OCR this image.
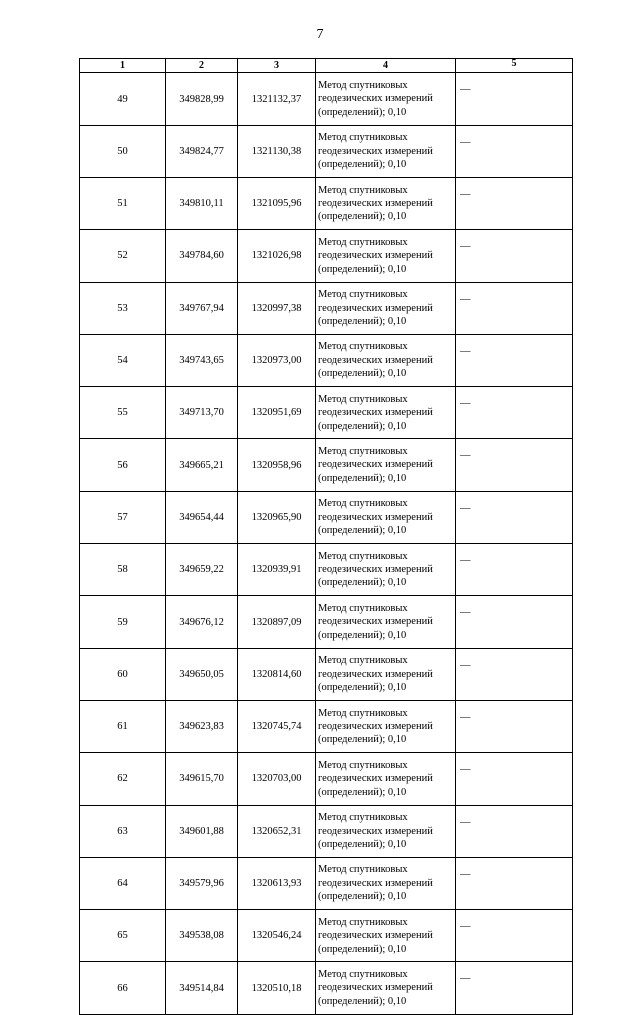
7
1	2	3	4	5
49	349828,99	1321132,37	Метод спутниковых
геодезических измерений
(определений); 0,10	—
50	349824,77	1321130,38	Метод спутниковых
геодезических измерений
(определений); 0,10	—
51	349810,11	1321095,96	Метод спутниковых
геодезических измерений
(определений); 0,10	—
52	349784,60	1321026,98	Метод спутниковых
геодезических измерений
(определений); 0,10	—
53	349767,94	1320997,38	Метод спутниковых
геодезических измерений
(определений); 0,10	—
54	349743,65	1320973,00	Метод спутниковых
геодезических измерений
(определений); 0,10	—
55	349713,70	1320951,69	Метод спутниковых
геодезических измерений
(определений); 0,10	—
56	349665,21	1320958,96	Метод спутниковых
геодезических измерений
(определений); 0,10	—
57	349654,44	1320965,90	Метод спутниковых
геодезических измерений
(определений); 0,10	—
58	349659,22	1320939,91	Метод спутниковых
геодезических измерений
(определений); 0,10	—
59	349676,12	1320897,09	Метод спутниковых
геодезических измерений
(определений); 0,10	—
60	349650,05	1320814,60	Метод спутниковых
геодезических измерений
(определений); 0,10	—
61	349623,83	1320745,74	Метод спутниковых
геодезических измерений
(определений); 0,10	—
62	349615,70	1320703,00	Метод спутниковых
геодезических измерений
(определений); 0,10	—
63	349601,88	1320652,31	Метод спутниковых
геодезических измерений
(определений); 0,10	—
64	349579,96	1320613,93	Метод спутниковых
геодезических измерений
(определений); 0,10	—
65	349538,08	1320546,24	Метод спутниковых
геодезических измерений
(определений); 0,10	—
66	349514,84	1320510,18	Метод спутниковых
геодезических измерений
(определений); 0,10	—
